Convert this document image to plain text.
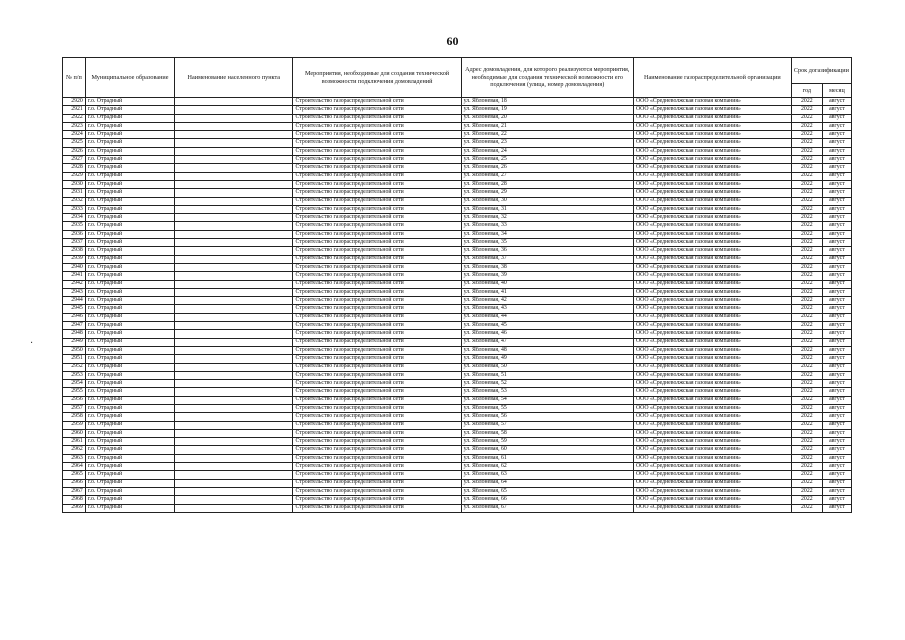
60
№ п/п	Муниципальное образование	Наименование населенного пункта	Мероприятия, необходимые для создания технической возможности подключения домовладений	Адрес домовладения, для которого реализуются мероприятия, необходимые для создания технической возможности его подключения (улица, номер домовладения)	Наименование газораспределительной организации	Срок догазификации	
						год	месяц
2920	г.о. Отрадный		Строительство газораспределительной сети	ул. Яблоневая, 18	ООО «Средневолжская газовая компания»	2022	август
2921	г.о. Отрадный		Строительство газораспределительной сети	ул. Яблоневая, 19	ООО «Средневолжская газовая компания»	2022	август
2922	г.о. Отрадный		Строительство газораспределительной сети	ул. Яблоневая, 20	ООО «Средневолжская газовая компания»	2022	август
2923	г.о. Отрадный		Строительство газораспределительной сети	ул. Яблоневая, 21	ООО «Средневолжская газовая компания»	2022	август
2924	г.о. Отрадный		Строительство газораспределительной сети	ул. Яблоневая, 22	ООО «Средневолжская газовая компания»	2022	август
2925	г.о. Отрадный		Строительство газораспределительной сети	ул. Яблоневая, 23	ООО «Средневолжская газовая компания»	2022	август
2926	г.о. Отрадный		Строительство газораспределительной сети	ул. Яблоневая, 24	ООО «Средневолжская газовая компания»	2022	август
2927	г.о. Отрадный		Строительство газораспределительной сети	ул. Яблоневая, 25	ООО «Средневолжская газовая компания»	2022	август
2928	г.о. Отрадный		Строительство газораспределительной сети	ул. Яблоневая, 26	ООО «Средневолжская газовая компания»	2022	август
2929	г.о. Отрадный		Строительство газораспределительной сети	ул. Яблоневая, 27	ООО «Средневолжская газовая компания»	2022	август
2930	г.о. Отрадный		Строительство газораспределительной сети	ул. Яблоневая, 28	ООО «Средневолжская газовая компания»	2022	август
2931	г.о. Отрадный		Строительство газораспределительной сети	ул. Яблоневая, 29	ООО «Средневолжская газовая компания»	2022	август
2932	г.о. Отрадный		Строительство газораспределительной сети	ул. Яблоневая, 30	ООО «Средневолжская газовая компания»	2022	август
2933	г.о. Отрадный		Строительство газораспределительной сети	ул. Яблоневая, 31	ООО «Средневолжская газовая компания»	2022	август
2934	г.о. Отрадный		Строительство газораспределительной сети	ул. Яблоневая, 32	ООО «Средневолжская газовая компания»	2022	август
2935	г.о. Отрадный		Строительство газораспределительной сети	ул. Яблоневая, 33	ООО «Средневолжская газовая компания»	2022	август
2936	г.о. Отрадный		Строительство газораспределительной сети	ул. Яблоневая, 34	ООО «Средневолжская газовая компания»	2022	август
2937	г.о. Отрадный		Строительство газораспределительной сети	ул. Яблоневая, 35	ООО «Средневолжская газовая компания»	2022	август
2938	г.о. Отрадный		Строительство газораспределительной сети	ул. Яблоневая, 36	ООО «Средневолжская газовая компания»	2022	август
2939	г.о. Отрадный		Строительство газораспределительной сети	ул. Яблоневая, 37	ООО «Средневолжская газовая компания»	2022	август
2940	г.о. Отрадный		Строительство газораспределительной сети	ул. Яблоневая, 38	ООО «Средневолжская газовая компания»	2022	август
2941	г.о. Отрадный		Строительство газораспределительной сети	ул. Яблоневая, 39	ООО «Средневолжская газовая компания»	2022	август
2942	г.о. Отрадный		Строительство газораспределительной сети	ул. Яблоневая, 40	ООО «Средневолжская газовая компания»	2022	август
2943	г.о. Отрадный		Строительство газораспределительной сети	ул. Яблоневая, 41	ООО «Средневолжская газовая компания»	2022	август
2944	г.о. Отрадный		Строительство газораспределительной сети	ул. Яблоневая, 42	ООО «Средневолжская газовая компания»	2022	август
2945	г.о. Отрадный		Строительство газораспределительной сети	ул. Яблоневая, 43	ООО «Средневолжская газовая компания»	2022	август
2946	г.о. Отрадный		Строительство газораспределительной сети	ул. Яблоневая, 44	ООО «Средневолжская газовая компания»	2022	август
2947	г.о. Отрадный		Строительство газораспределительной сети	ул. Яблоневая, 45	ООО «Средневолжская газовая компания»	2022	август
2948	г.о. Отрадный		Строительство газораспределительной сети	ул. Яблоневая, 46	ООО «Средневолжская газовая компания»	2022	август
2949	г.о. Отрадный		Строительство газораспределительной сети	ул. Яблоневая, 47	ООО «Средневолжская газовая компания»	2022	август
2950	г.о. Отрадный		Строительство газораспределительной сети	ул. Яблоневая, 48	ООО «Средневолжская газовая компания»	2022	август
2951	г.о. Отрадный		Строительство газораспределительной сети	ул. Яблоневая, 49	ООО «Средневолжская газовая компания»	2022	август
2952	г.о. Отрадный		Строительство газораспределительной сети	ул. Яблоневая, 50	ООО «Средневолжская газовая компания»	2022	август
2953	г.о. Отрадный		Строительство газораспределительной сети	ул. Яблоневая, 51	ООО «Средневолжская газовая компания»	2022	август
2954	г.о. Отрадный		Строительство газораспределительной сети	ул. Яблоневая, 52	ООО «Средневолжская газовая компания»	2022	август
2955	г.о. Отрадный		Строительство газораспределительной сети	ул. Яблоневая, 53	ООО «Средневолжская газовая компания»	2022	август
2956	г.о. Отрадный		Строительство газораспределительной сети	ул. Яблоневая, 54	ООО «Средневолжская газовая компания»	2022	август
2957	г.о. Отрадный		Строительство газораспределительной сети	ул. Яблоневая, 55	ООО «Средневолжская газовая компания»	2022	август
2958	г.о. Отрадный		Строительство газораспределительной сети	ул. Яблоневая, 56	ООО «Средневолжская газовая компания»	2022	август
2959	г.о. Отрадный		Строительство газораспределительной сети	ул. Яблоневая, 57	ООО «Средневолжская газовая компания»	2022	август
2960	г.о. Отрадный		Строительство газораспределительной сети	ул. Яблоневая, 58	ООО «Средневолжская газовая компания»	2022	август
2961	г.о. Отрадный		Строительство газораспределительной сети	ул. Яблоневая, 59	ООО «Средневолжская газовая компания»	2022	август
2962	г.о. Отрадный		Строительство газораспределительной сети	ул. Яблоневая, 60	ООО «Средневолжская газовая компания»	2022	август
2963	г.о. Отрадный		Строительство газораспределительной сети	ул. Яблоневая, 61	ООО «Средневолжская газовая компания»	2022	август
2964	г.о. Отрадный		Строительство газораспределительной сети	ул. Яблоневая, 62	ООО «Средневолжская газовая компания»	2022	август
2965	г.о. Отрадный		Строительство газораспределительной сети	ул. Яблоневая, 63	ООО «Средневолжская газовая компания»	2022	август
2966	г.о. Отрадный		Строительство газораспределительной сети	ул. Яблоневая, 64	ООО «Средневолжская газовая компания»	2022	август
2967	г.о. Отрадный		Строительство газораспределительной сети	ул. Яблоневая, 65	ООО «Средневолжская газовая компания»	2022	август
2968	г.о. Отрадный		Строительство газораспределительной сети	ул. Яблоневая, 66	ООО «Средневолжская газовая компания»	2022	август
2969	г.о. Отрадный		Строительство газораспределительной сети	ул. Яблоневая, 67	ООО «Средневолжская газовая компания»	2022	август
·
